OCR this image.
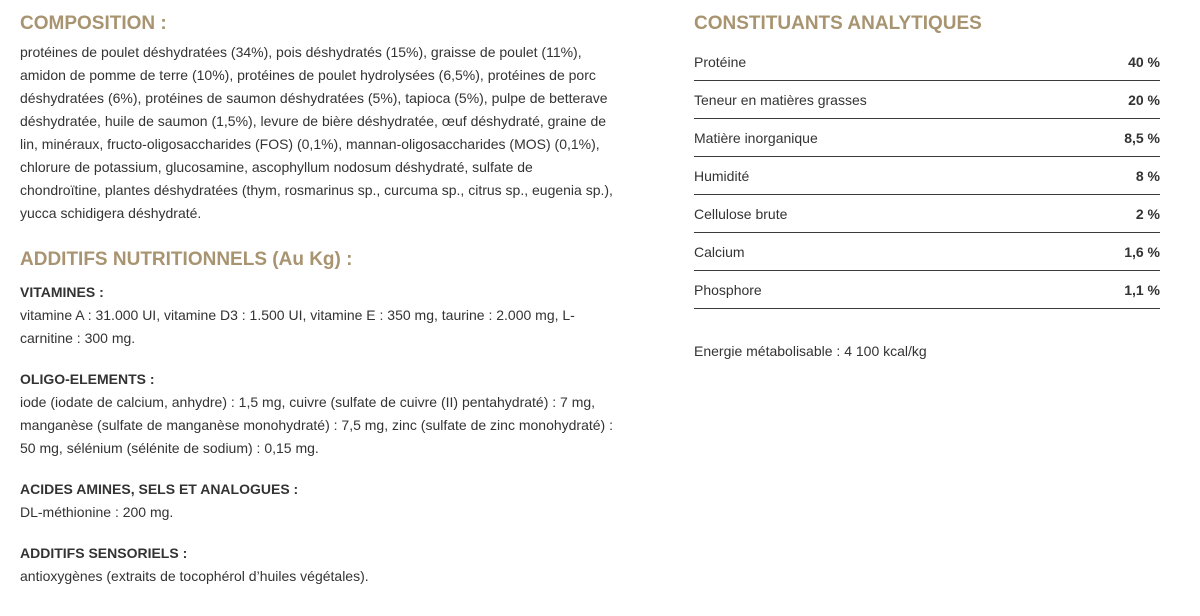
COMPOSITION :

protéines de poulet déshydratées (34%), pois déshydratés (15%), graisse de poulet (11%),
amidon de pomme de terre (10%), protéines de poulet hydrolysées (6,5%), protéines de porc
déshydratées (6%), protéines de saumon déshydratées (5%), tapioca (5%), pulpe de betterave
déshydratée, huile de saumon (1,5%), levure de bière déshydratée, œuf déshydraté, graine de
lin, minéraux, fructo-oligosaccharides (FOS) (0,1%), mannan-oligosaccharides (MOS) (0,1%),
chlorure de potassium, glucosamine, ascophyllum nodosum déshydraté, sulfate de
chondroïtine, plantes déshydratées (thym, rosmarinus sp., curcuma sp., citrus sp., eugenia sp.),
yucca schidigera déshydraté.

ADDITIFS NUTRITIONNELS (Au Kg) :

VITAMINES :

vitamine A : 31.000 UI, vitamine D3 : 1.500 UI, vitamine E : 350 mg, taurine : 2.000 mg, L-
carnitine : 300 mg.

OLIGO-ELEMENTS :

iode (iodate de calcium, anhydre) : 1,5 mg, cuivre (sulfate de cuivre (II) pentahydraté) : 7 mg,
manganèse (sulfate de manganèse monohydraté) : 7,5 mg, zinc (sulfate de zinc monohydraté) :
50 mg, sélénium (sélénite de sodium) : 0,15 mg.

ACIDES AMINES, SELS ET ANALOGUES :

DL-méthionine : 200 mg.

ADDITIFS SENSORIELS :

antioxygènes (extraits de tocophérol d’huiles végétales).

CONSTITUANTS ANALYTIQUES
Protéine	40 %
Teneur en matières grasses	20 %
Matière inorganique	8,5 %
Humidité	8 %
Cellulose brute	2 %
Calcium	1,6 %
Phosphore	1,1 %

Energie métabolisable : 4 100 kcal/kg
